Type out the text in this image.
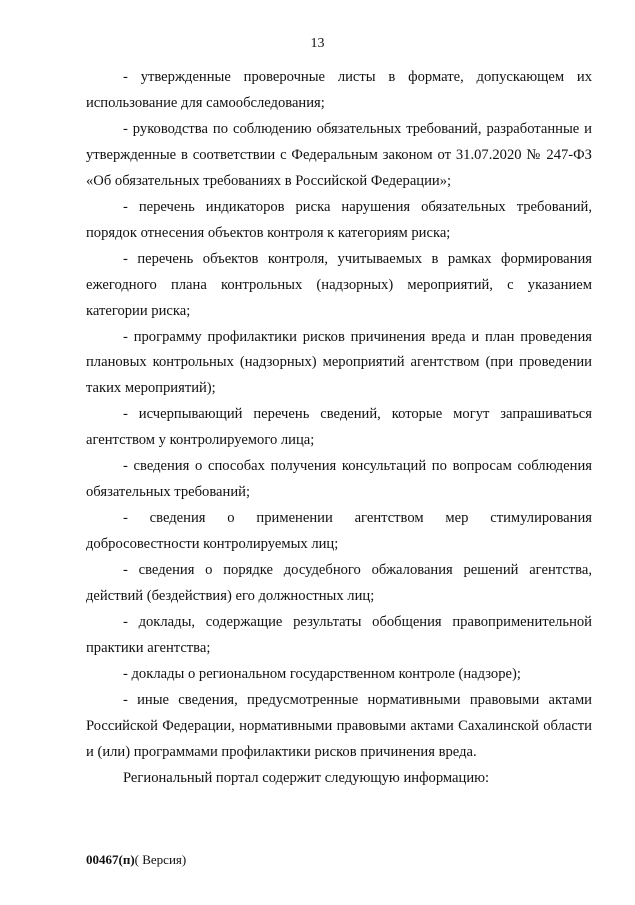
13

- утвержденные проверочные листы в формате, допускающем их использование для самообследования;

- руководства по соблюдению обязательных требований, разработанные и утвержденные в соответствии с Федеральным законом от 31.07.2020 № 247-ФЗ «Об обязательных требованиях в Российской Федерации»;

- перечень индикаторов риска нарушения обязательных требований, порядок отнесения объектов контроля к категориям риска;

- перечень объектов контроля, учитываемых в рамках формирования ежегодного плана контрольных (надзорных) мероприятий, с указанием категории риска;

- программу профилактики рисков причинения вреда и план проведения плановых контрольных (надзорных) мероприятий агентством (при проведении таких мероприятий);

- исчерпывающий перечень сведений, которые могут запрашиваться агентством у контролируемого лица;

- сведения о способах получения консультаций по вопросам соблюдения обязательных требований;

- сведения о применении агентством мер стимулирования добросовестности контролируемых лиц;

- сведения о порядке досудебного обжалования решений агентства, действий (бездействия) его должностных лиц;

- доклады, содержащие результаты обобщения правоприменительной практики агентства;

- доклады о региональном государственном контроле (надзоре);

- иные сведения, предусмотренные нормативными правовыми актами Российской Федерации, нормативными правовыми актами Сахалинской области и (или) программами профилактики рисков причинения вреда.

Региональный портал содержит следующую информацию:

00467(п)( Версия)
